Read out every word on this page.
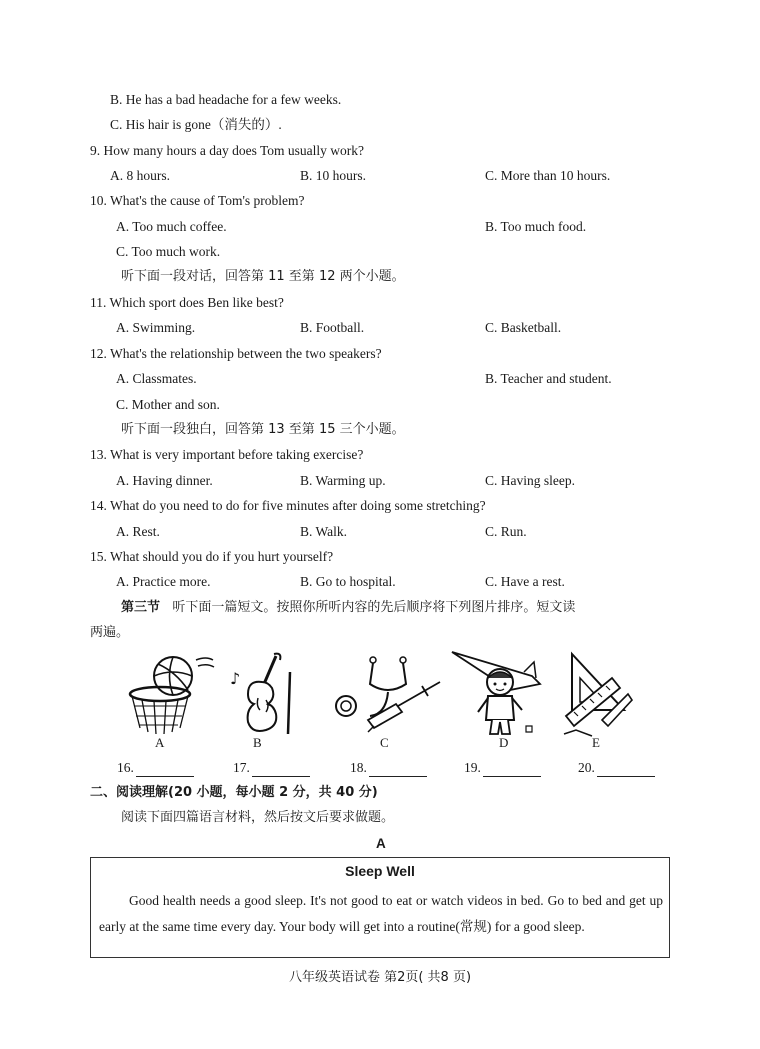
B. He has a bad headache for a few weeks.
C. His hair is gone（消失的）.
9. How many hours a day does Tom usually work?
A. 8 hours.	B. 10 hours.	C. More than 10 hours.
10. What's the cause of Tom's problem?
A. Too much coffee.	B. Too much food.
C. Too much work.
听下面一段对话，回答第 11 至第 12 两个小题。
11. Which sport does Ben like best?
A. Swimming.	B. Football.	C. Basketball.
12. What's the relationship between the two speakers?
A. Classmates.	B. Teacher and student.
C. Mother and son.
听下面一段独白，回答第 13 至第 15 三个小题。
13. What is very important before taking exercise?
A. Having dinner.	B. Warming up.	C. Having sleep.
14. What do you need to do for five minutes after doing some stretching?
A. Rest.	B. Walk.	C. Run.
15. What should you do if you hurt yourself?
A. Practice more.	B. Go to hospital.	C. Have a rest.
第三节 听下面一篇短文。按照你所听内容的先后顺序将下列图片排序。短文读
两遍。
A
♪
B	C	D	E
16.	17.	18.	19.	20.
二、阅读理解(20 小题，每小题 2 分，共 40 分)
阅读下面四篇语言材料，然后按文后要求做题。
A
Sleep Well
Good health needs a good sleep. It's not good to eat or watch videos in bed. Go to bed and get up early at the same time every day. Your body will get into a routine(常规) for a good sleep.
八年级英语试卷 第2页( 共8 页)
